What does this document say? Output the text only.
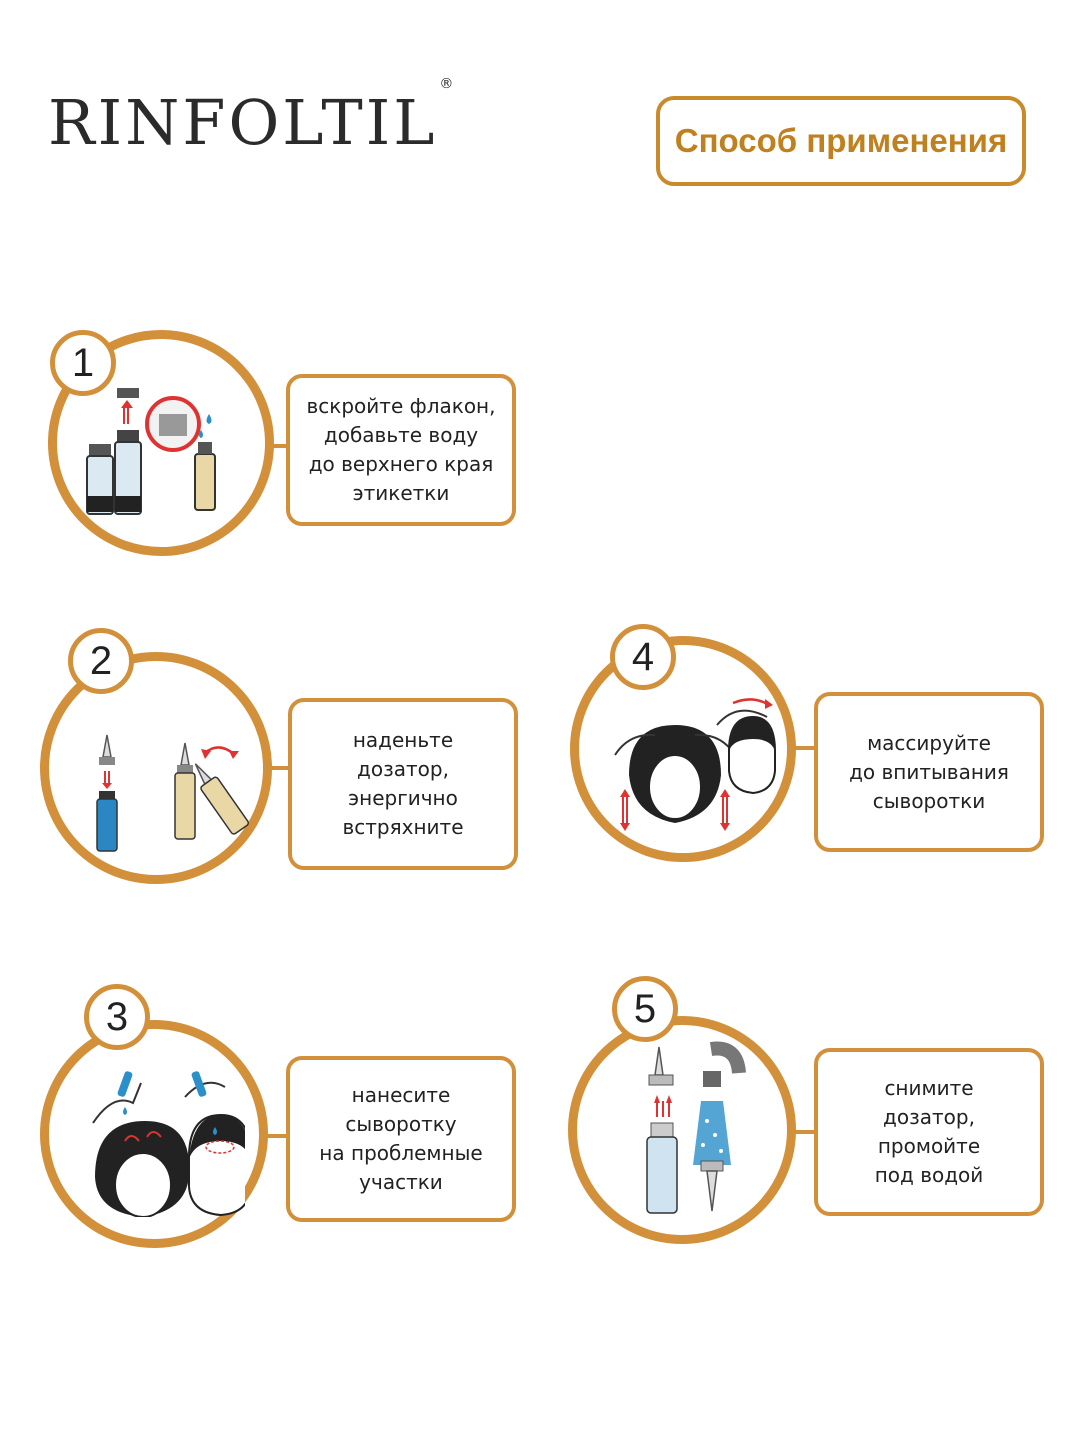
RINFOLTIL®
Способ применения
1
вскройте флакон,
добавьте воду
до верхнего края
этикетки
2
наденьте
дозатор,
энергично
встряхните
3
нанесите
сыворотку
на проблемные
участки
4
массируйте
до впитывания
сыворотки
5
снимите
дозатор,
промойте
под водой
